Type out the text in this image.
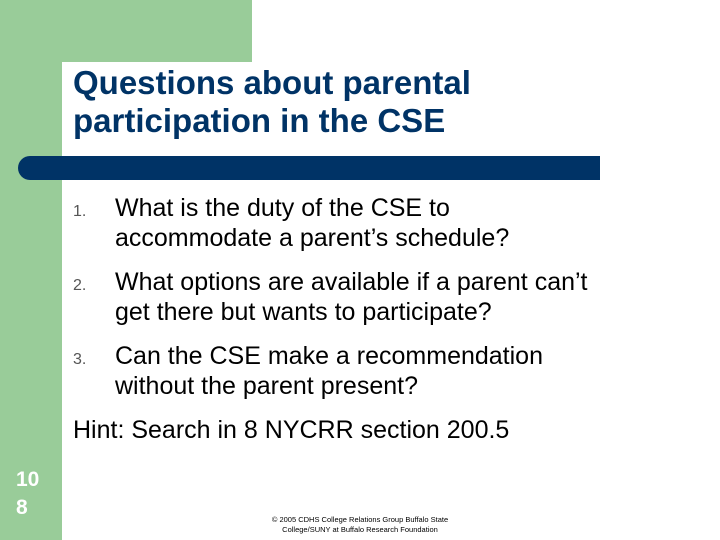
Questions about parental
participation in the CSE
1. What is the duty of the CSE to
accommodate a parent’s schedule?
2. What options are available if a parent can’t
get there but wants to participate?
3. Can the CSE make a recommendation
without the parent present?

Hint: Search in 8 NYCRR section 200.5

10
8
© 2005 CDHS College Relations Group Buffalo State
College/SUNY at Buffalo Research Foundation
